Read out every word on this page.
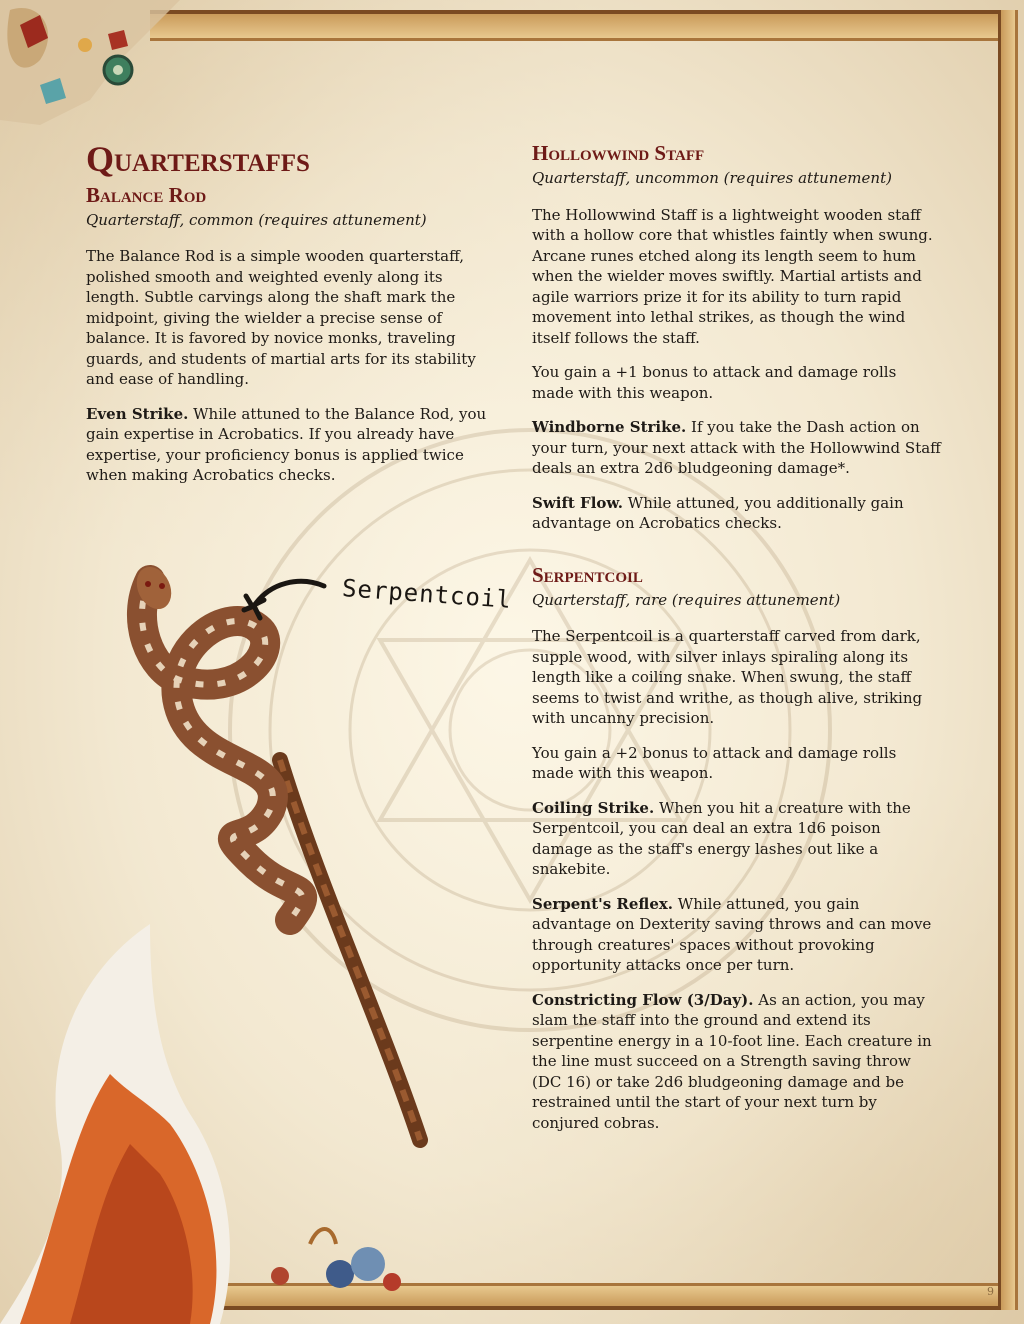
Serpentcoil
Quarterstaffs
Balance Rod
Quarterstaff, common (requires attunement)

The Balance Rod is a simple wooden quarterstaff, polished smooth and weighted evenly along its length. Subtle carvings along the shaft mark the midpoint, giving the wielder a precise sense of balance. It is favored by novice monks, traveling guards, and students of martial arts for its stability and ease of handling.

Even Strike. While attuned to the Balance Rod, you gain expertise in Acrobatics. If you already have expertise, your proficiency bonus is applied twice when making Acrobatics checks.

Hollowwind Staff
Quarterstaff, uncommon (requires attunement)

The Hollowwind Staff is a lightweight wooden staff with a hollow core that whistles faintly when swung. Arcane runes etched along its length seem to hum when the wielder moves swiftly. Martial artists and agile warriors prize it for its ability to turn rapid movement into lethal strikes, as though the wind itself follows the staff.

You gain a +1 bonus to attack and damage rolls made with this weapon.

Windborne Strike. If you take the Dash action on your turn, your next attack with the Hollowwind Staff deals an extra 2d6 bludgeoning damage*.

Swift Flow. While attuned, you additionally gain advantage on Acrobatics checks.

Serpentcoil
Quarterstaff, rare (requires attunement)

The Serpentcoil is a quarterstaff carved from dark, supple wood, with silver inlays spiraling along its length like a coiling snake. When swung, the staff seems to twist and writhe, as though alive, striking with uncanny precision.

You gain a +2 bonus to attack and damage rolls made with this weapon.

Coiling Strike. When you hit a creature with the Serpentcoil, you can deal an extra 1d6 poison damage as the staff's energy lashes out like a snakebite.

Serpent's Reflex. While attuned, you gain advantage on Dexterity saving throws and can move through creatures' spaces without provoking opportunity attacks once per turn.

Constricting Flow (3/Day). As an action, you may slam the staff into the ground and extend its serpentine energy in a 10-foot line. Each creature in the line must succeed on a Strength saving throw (DC 16) or take 2d6 bludgeoning damage and be restrained until the start of your next turn by conjured cobras.

9
